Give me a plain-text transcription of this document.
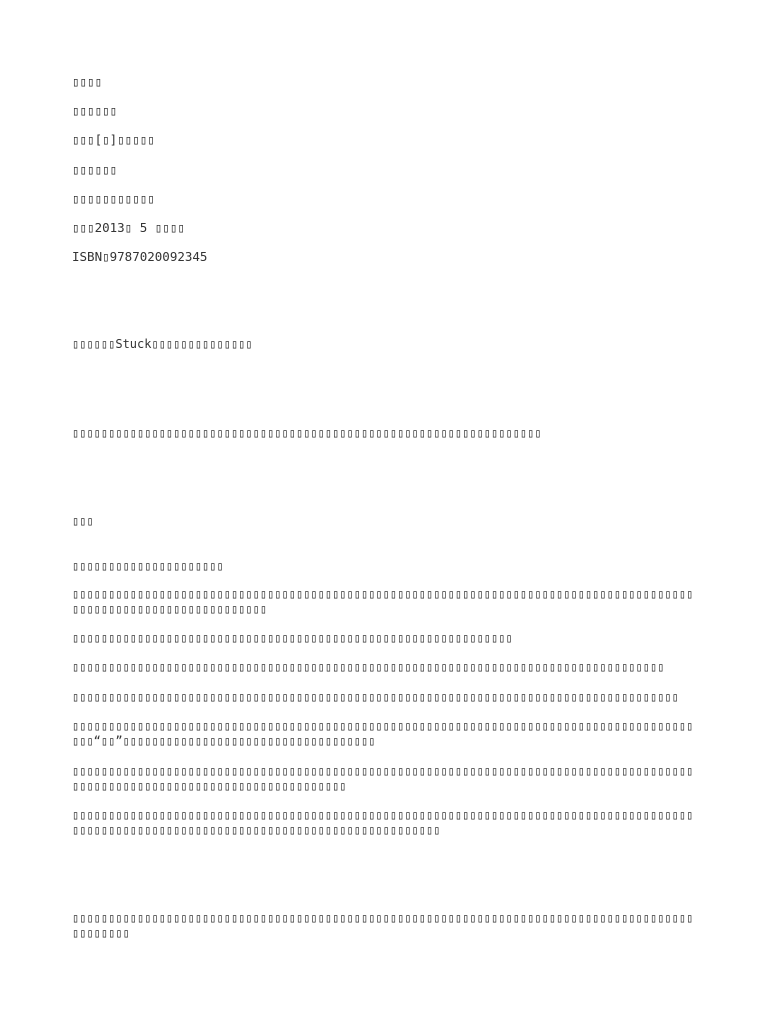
▯▯▯▯
▯▯▯▯▯▯
▯▯▯[▯]▯▯▯▯▯
▯▯▯▯▯▯
▯▯▯▯▯▯▯▯▯▯▯
▯▯▯2013▯ 5 ▯▯▯▯
ISBN▯9787020092345
▯▯▯▯▯▯Stuck▯▯▯▯▯▯▯▯▯▯▯▯▯▯
▯▯▯▯▯▯▯▯▯▯▯▯▯▯▯▯▯▯▯▯▯▯▯▯▯▯▯▯▯▯▯▯▯▯▯▯▯▯▯▯▯▯▯▯▯▯▯▯▯▯▯▯▯▯▯▯▯▯▯▯▯▯▯▯▯
▯▯▯
▯▯▯▯▯▯▯▯▯▯▯▯▯▯▯▯▯▯▯▯▯
▯▯▯▯▯▯▯▯▯▯▯▯▯▯▯▯▯▯▯▯▯▯▯▯▯▯▯▯▯▯▯▯▯▯▯▯▯▯▯▯▯▯▯▯▯▯▯▯▯▯▯▯▯▯▯▯▯▯▯▯▯▯▯▯▯▯▯▯▯▯▯▯▯▯▯▯▯▯▯▯▯▯▯▯▯▯▯▯▯▯▯▯▯▯▯▯▯▯▯▯▯▯▯▯▯▯▯▯▯▯▯▯▯
▯▯▯▯▯▯▯▯▯▯▯▯▯▯▯▯▯▯▯▯▯▯▯▯▯▯▯▯▯▯▯▯▯▯▯▯▯▯▯▯▯▯▯▯▯▯▯▯▯▯▯▯▯▯▯▯▯▯▯▯▯
▯▯▯▯▯▯▯▯▯▯▯▯▯▯▯▯▯▯▯▯▯▯▯▯▯▯▯▯▯▯▯▯▯▯▯▯▯▯▯▯▯▯▯▯▯▯▯▯▯▯▯▯▯▯▯▯▯▯▯▯▯▯▯▯▯▯▯▯▯▯▯▯▯▯▯▯▯▯▯▯▯▯
▯▯▯▯▯▯▯▯▯▯▯▯▯▯▯▯▯▯▯▯▯▯▯▯▯▯▯▯▯▯▯▯▯▯▯▯▯▯▯▯▯▯▯▯▯▯▯▯▯▯▯▯▯▯▯▯▯▯▯▯▯▯▯▯▯▯▯▯▯▯▯▯▯▯▯▯▯▯▯▯▯▯▯▯
▯▯▯▯▯▯▯▯▯▯▯▯▯▯▯▯▯▯▯▯▯▯▯▯▯▯▯▯▯▯▯▯▯▯▯▯▯▯▯▯▯▯▯▯▯▯▯▯▯▯▯▯▯▯▯▯▯▯▯▯▯▯▯▯▯▯▯▯▯▯▯▯▯▯▯▯▯▯▯▯▯▯▯▯▯▯▯▯▯“▯▯”▯▯▯▯▯▯▯▯▯▯▯▯▯▯▯▯▯▯▯▯▯▯▯▯▯▯▯▯▯▯▯▯▯▯▯
▯▯▯▯▯▯▯▯▯▯▯▯▯▯▯▯▯▯▯▯▯▯▯▯▯▯▯▯▯▯▯▯▯▯▯▯▯▯▯▯▯▯▯▯▯▯▯▯▯▯▯▯▯▯▯▯▯▯▯▯▯▯▯▯▯▯▯▯▯▯▯▯▯▯▯▯▯▯▯▯▯▯▯▯▯▯▯▯▯▯▯▯▯▯▯▯▯▯▯▯▯▯▯▯▯▯▯▯▯▯▯▯▯▯▯▯▯▯▯▯▯▯▯▯
▯▯▯▯▯▯▯▯▯▯▯▯▯▯▯▯▯▯▯▯▯▯▯▯▯▯▯▯▯▯▯▯▯▯▯▯▯▯▯▯▯▯▯▯▯▯▯▯▯▯▯▯▯▯▯▯▯▯▯▯▯▯▯▯▯▯▯▯▯▯▯▯▯▯▯▯▯▯▯▯▯▯▯▯▯▯▯▯▯▯▯▯▯▯▯▯▯▯▯▯▯▯▯▯▯▯▯▯▯▯▯▯▯▯▯▯▯▯▯▯▯▯▯▯▯▯▯▯▯▯▯▯▯▯▯▯▯
▯▯▯▯▯▯▯▯▯▯▯▯▯▯▯▯▯▯▯▯▯▯▯▯▯▯▯▯▯▯▯▯▯▯▯▯▯▯▯▯▯▯▯▯▯▯▯▯▯▯▯▯▯▯▯▯▯▯▯▯▯▯▯▯▯▯▯▯▯▯▯▯▯▯▯▯▯▯▯▯▯▯▯▯▯▯▯▯▯▯▯▯▯▯
